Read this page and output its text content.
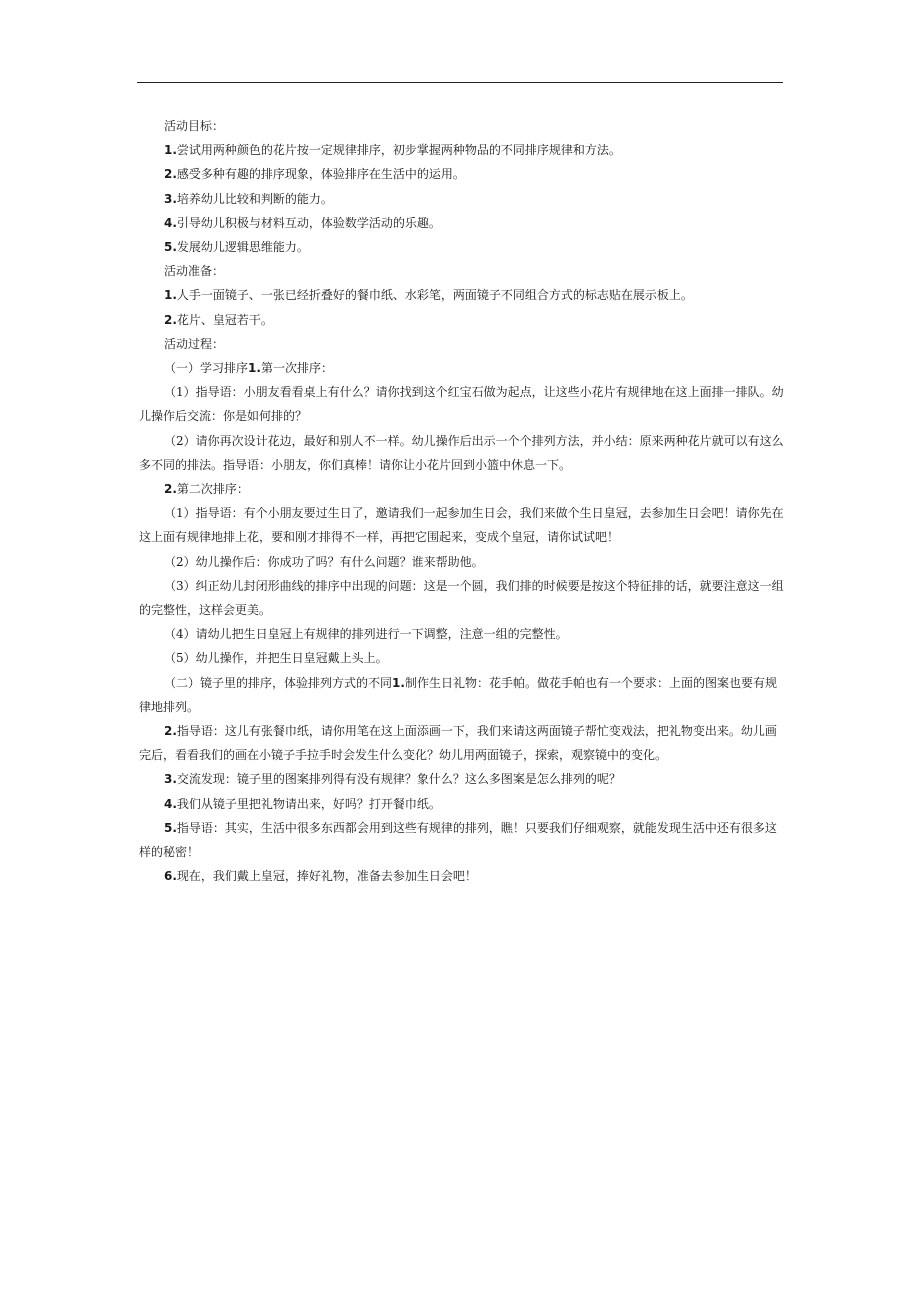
活动目标：

1.尝试用两种颜色的花片按一定规律排序，初步掌握两种物品的不同排序规律和方法。

2.感受多种有趣的排序现象，体验排序在生活中的运用。

3.培养幼儿比较和判断的能力。

4.引导幼儿积极与材料互动，体验数学活动的乐趣。

5.发展幼儿逻辑思维能力。

活动准备：

1.人手一面镜子、一张已经折叠好的餐巾纸、水彩笔，两面镜子不同组合方式的标志贴在展示板上。

2.花片、皇冠若干。

活动过程：

（一）学习排序1.第一次排序：

（1）指导语：小朋友看看桌上有什么？请你找到这个红宝石做为起点，让这些小花片有规律地在这上面排一排队。幼儿操作后交流：你是如何排的？

（2）请你再次设计花边，最好和别人不一样。幼儿操作后出示一个个排列方法，并小结：原来两种花片就可以有这么多不同的排法。指导语：小朋友，你们真棒！请你让小花片回到小篮中休息一下。

2.第二次排序：

（1）指导语：有个小朋友要过生日了，邀请我们一起参加生日会，我们来做个生日皇冠，去参加生日会吧！请你先在这上面有规律地排上花，要和刚才排得不一样，再把它围起来，变成个皇冠，请你试试吧！

（2）幼儿操作后：你成功了吗？有什么问题？谁来帮助他。

（3）纠正幼儿封闭形曲线的排序中出现的问题：这是一个圆，我们排的时候要是按这个特征排的话，就要注意这一组的完整性，这样会更美。

（4）请幼儿把生日皇冠上有规律的排列进行一下调整，注意一组的完整性。

（5）幼儿操作，并把生日皇冠戴上头上。

（二）镜子里的排序，体验排列方式的不同1.制作生日礼物：花手帕。做花手帕也有一个要求：上面的图案也要有规律地排列。

2.指导语：这儿有张餐巾纸，请你用笔在这上面添画一下，我们来请这两面镜子帮忙变戏法，把礼物变出来。幼儿画完后，看看我们的画在小镜子手拉手时会发生什么变化？幼儿用两面镜子，探索，观察镜中的变化。

3.交流发现：镜子里的图案排列得有没有规律？象什么？这么多图案是怎么排列的呢？

4.我们从镜子里把礼物请出来，好吗？打开餐巾纸。

5.指导语：其实，生活中很多东西都会用到这些有规律的排列，瞧！只要我们仔细观察，就能发现生活中还有很多这样的秘密！

6.现在，我们戴上皇冠，捧好礼物，准备去参加生日会吧！
